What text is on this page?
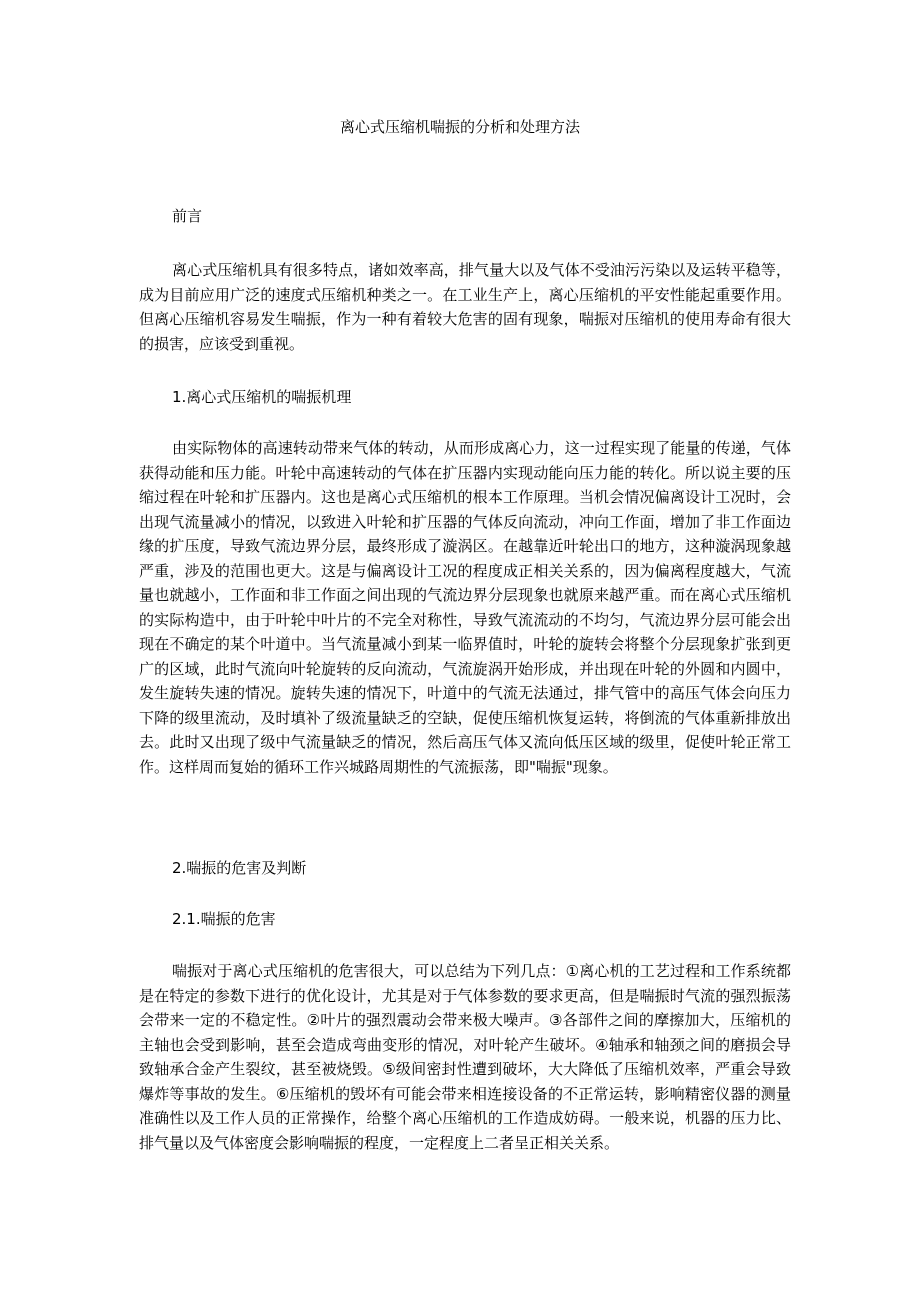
离心式压缩机喘振的分析和处理方法
前言

离心式压缩机具有很多特点，诸如效率高，排气量大以及气体不受油污污染以及运转平稳等，成为目前应用广泛的速度式压缩机种类之一。在工业生产上，离心压缩机的平安性能起重要作用。但离心压缩机容易发生喘振，作为一种有着较大危害的固有现象，喘振对压缩机的使用寿命有很大的损害，应该受到重视。

1.离心式压缩机的喘振机理

由实际物体的高速转动带来气体的转动，从而形成离心力，这一过程实现了能量的传递，气体获得动能和压力能。叶轮中高速转动的气体在扩压器内实现动能向压力能的转化。所以说主要的压缩过程在叶轮和扩压器内。这也是离心式压缩机的根本工作原理。当机会情况偏离设计工况时，会出现气流量减小的情况，以致进入叶轮和扩压器的气体反向流动，冲向工作面，增加了非工作面边缘的扩压度，导致气流边界分层，最终形成了漩涡区。在越靠近叶轮出口的地方，这种漩涡现象越严重，涉及的范围也更大。这是与偏离设计工况的程度成正相关关系的，因为偏离程度越大，气流量也就越小，工作面和非工作面之间出现的气流边界分层现象也就原来越严重。而在离心式压缩机的实际构造中，由于叶轮中叶片的不完全对称性，导致气流流动的不均匀，气流边界分层可能会出现在不确定的某个叶道中。当气流量减小到某一临界值时，叶轮的旋转会将整个分层现象扩张到更广的区域，此时气流向叶轮旋转的反向流动，气流旋涡开始形成，并出现在叶轮的外圆和内圆中，发生旋转失速的情况。旋转失速的情况下，叶道中的气流无法通过，排气管中的高压气体会向压力下降的级里流动，及时填补了级流量缺乏的空缺，促使压缩机恢复运转，将倒流的气体重新排放出去。此时又出现了级中气流量缺乏的情况，然后高压气体又流向低压区域的级里，促使叶轮正常工作。这样周而复始的循环工作兴城路周期性的气流振荡，即"喘振"现象。

2.喘振的危害及判断
2.1.喘振的危害

喘振对于离心式压缩机的危害很大，可以总结为下列几点：①离心机的工艺过程和工作系统都是在特定的参数下进行的优化设计，尤其是对于气体参数的要求更高，但是喘振时气流的强烈振荡会带来一定的不稳定性。②叶片的强烈震动会带来极大噪声。③各部件之间的摩擦加大，压缩机的主轴也会受到影响，甚至会造成弯曲变形的情况，对叶轮产生破坏。④轴承和轴颈之间的磨损会导致轴承合金产生裂纹，甚至被烧毁。⑤级间密封性遭到破坏，大大降低了压缩机效率，严重会导致爆炸等事故的发生。⑥压缩机的毁坏有可能会带来相连接设备的不正常运转，影响精密仪器的测量准确性以及工作人员的正常操作，给整个离心压缩机的工作造成妨碍。一般来说，机器的压力比、排气量以及气体密度会影响喘振的程度，一定程度上二者呈正相关关系。
